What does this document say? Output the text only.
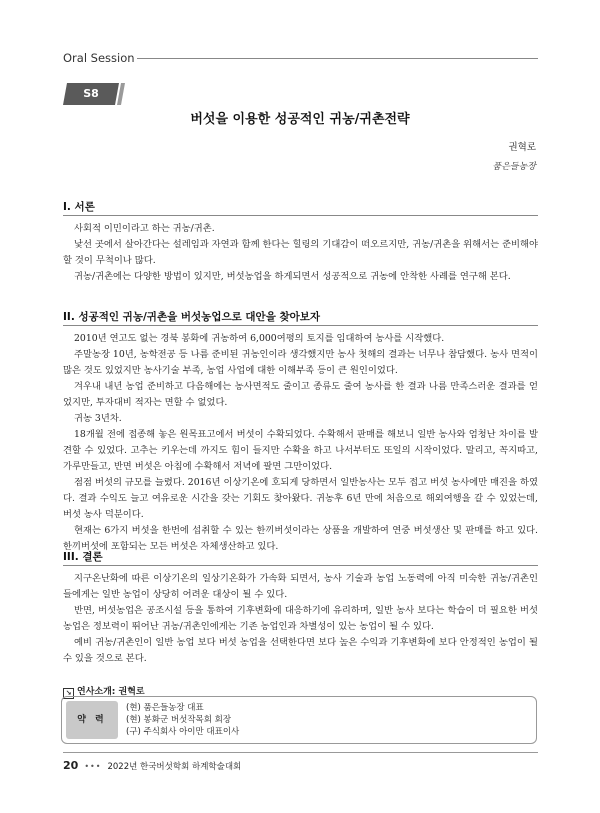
Oral Session
S8
버섯을 이용한 성공적인 귀농/귀촌전략
권혁로
품은들농장
I. 서론

사회적 이민이라고 하는 귀농/귀촌.

낯선 곳에서 살아간다는 설레임과 자연과 함께 한다는 힐링의 기대감이 떠오르지만, 귀농/귀촌을 위해서는 준비해야할 것이 무척이나 많다.

귀농/귀촌에는 다양한 방법이 있지만, 버섯농업을 하게되면서 성공적으로 귀농에 안착한 사례를 연구해 본다.

II. 성공적인 귀농/귀촌을 버섯농업으로 대안을 찾아보자

2010년 연고도 없는 경북 봉화에 귀농하여 6,000여평의 토지를 임대하여 농사를 시작했다.

주말농장 10년, 농학전공 등 나름 준비된 귀농인이라 생각했지만 농사 첫해의 결과는 너무나 참담했다. 농사 면적이 많은 것도 있었지만 농사기술 부족, 농업 사업에 대한 이해부족 등이 큰 원인이었다.

겨우내 내년 농업 준비하고 다음해에는 농사면적도 줄이고 종류도 줄여 농사를 한 결과 나름 만족스러운 결과를 얻었지만, 투자대비 적자는 면할 수 없었다.

귀농 3년차.

18개월 전에 접종해 놓은 원목표고에서 버섯이 수확되었다. 수확해서 판매를 해보니 일반 농사와 엄청난 차이를 발견할 수 있었다. 고추는 키우는데 까지도 힘이 들지만 수확을 하고 나서부터도 또일의 시작이었다. 말리고, 꼭지따고, 가루만들고, 반면 버섯은 아침에 수확해서 저녁에 팔면 그만이었다.

점점 버섯의 규모를 늘렸다. 2016년 이상기온에 호되게 당하면서 일반농사는 모두 접고 버섯 농사에만 매진을 하였다. 결과 수익도 늘고 여유로운 시간을 갖는 기회도 찾아왔다. 귀농후 6년 만에 처음으로 해외여행을 갈 수 있었는데, 버섯 농사 덕분이다.

현재는 6가지 버섯을 한번에 섭취할 수 있는 한끼버섯이라는 상품을 개발하여 연중 버섯생산 및 판매를 하고 있다. 한끼버섯에 포함되는 모든 버섯은 자체생산하고 있다.

III. 결론

지구온난화에 따른 이상기온의 일상기온화가 가속화 되면서, 농사 기술과 농업 노동력에 아직 미숙한 귀농/귀촌인 들에게는 일반 농업이 상당히 어려운 대상이 될 수 있다.

반면, 버섯농업은 공조시설 등을 통하여 기후변화에 대응하기에 유리하며, 일반 농사 보다는 학습이 더 필요한 버섯농업은 정보력이 뛰어난 귀농/귀촌인에게는 기존 농업인과 차별성이 있는 농업이 될 수 있다.

예비 귀농/귀촌인이 일반 농업 보다 버섯 농업을 선택한다면 보다 높은 수익과 기후변화에 보다 안정적인 농업이 될 수 있을 것으로 본다.

↘ 연사소개: 권혁로
약 력
(현) 품은들농장 대표
(현) 봉화군 버섯작목회 회장
(구) 주식회사 아이만 대표이사
20 ••• 2022년 한국버섯학회 하계학술대회
